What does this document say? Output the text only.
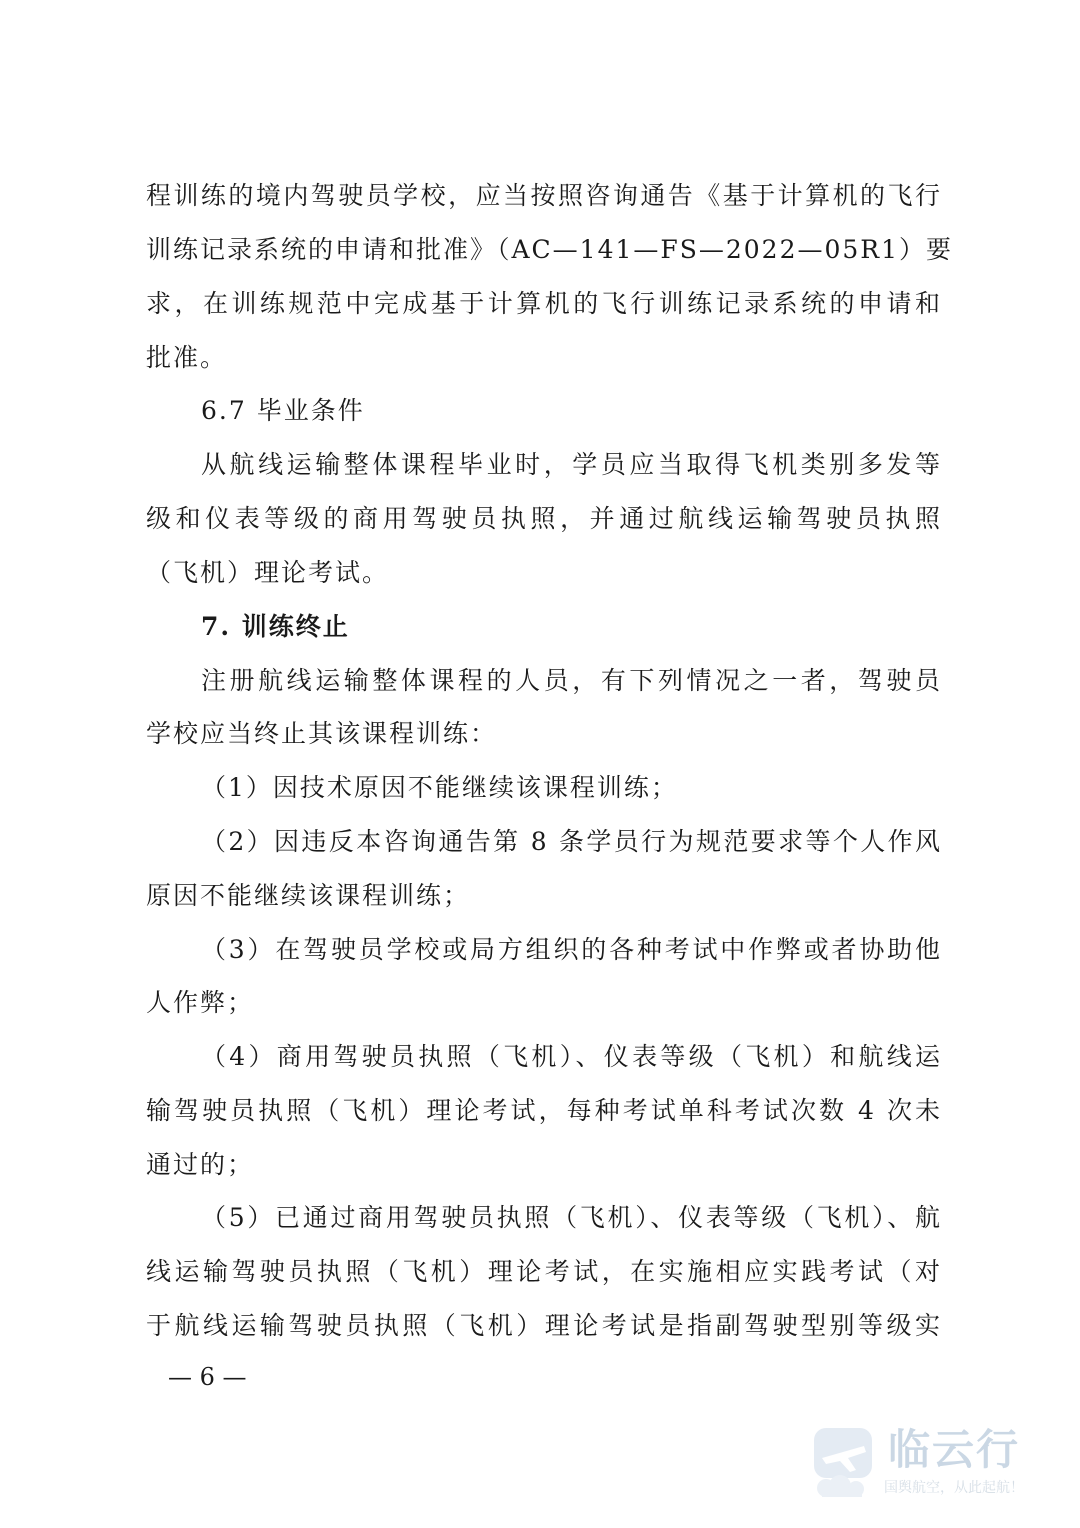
程训练的境内驾驶员学校，应当按照咨询通告《基于计算机的飞行
训练记录系统的申请和批准》（AC—141—FS—2022—05R1）要
求，在训练规范中完成基于计算机的飞行训练记录系统的申请和
批准。
6.7 毕业条件
从航线运输整体课程毕业时，学员应当取得飞机类别多发等
级和仪表等级的商用驾驶员执照，并通过航线运输驾驶员执照
（飞机）理论考试。
7. 训练终止
注册航线运输整体课程的人员，有下列情况之一者，驾驶员
学校应当终止其该课程训练：
（1）因技术原因不能继续该课程训练；
（2）因违反本咨询通告第 8 条学员行为规范要求等个人作风
原因不能继续该课程训练；
（3）在驾驶员学校或局方组织的各种考试中作弊或者协助他
人作弊；
（4）商用驾驶员执照（飞机）、仪表等级（飞机）和航线运
输驾驶员执照（飞机）理论考试，每种考试单科考试次数 4 次未
通过的；
（5）已通过商用驾驶员执照（飞机）、仪表等级（飞机）、航
线运输驾驶员执照（飞机）理论考试，在实施相应实践考试（对
于航线运输驾驶员执照（飞机）理论考试是指副驾驶型别等级实
— 6 —
临云行
国舆航空，从此起航！
